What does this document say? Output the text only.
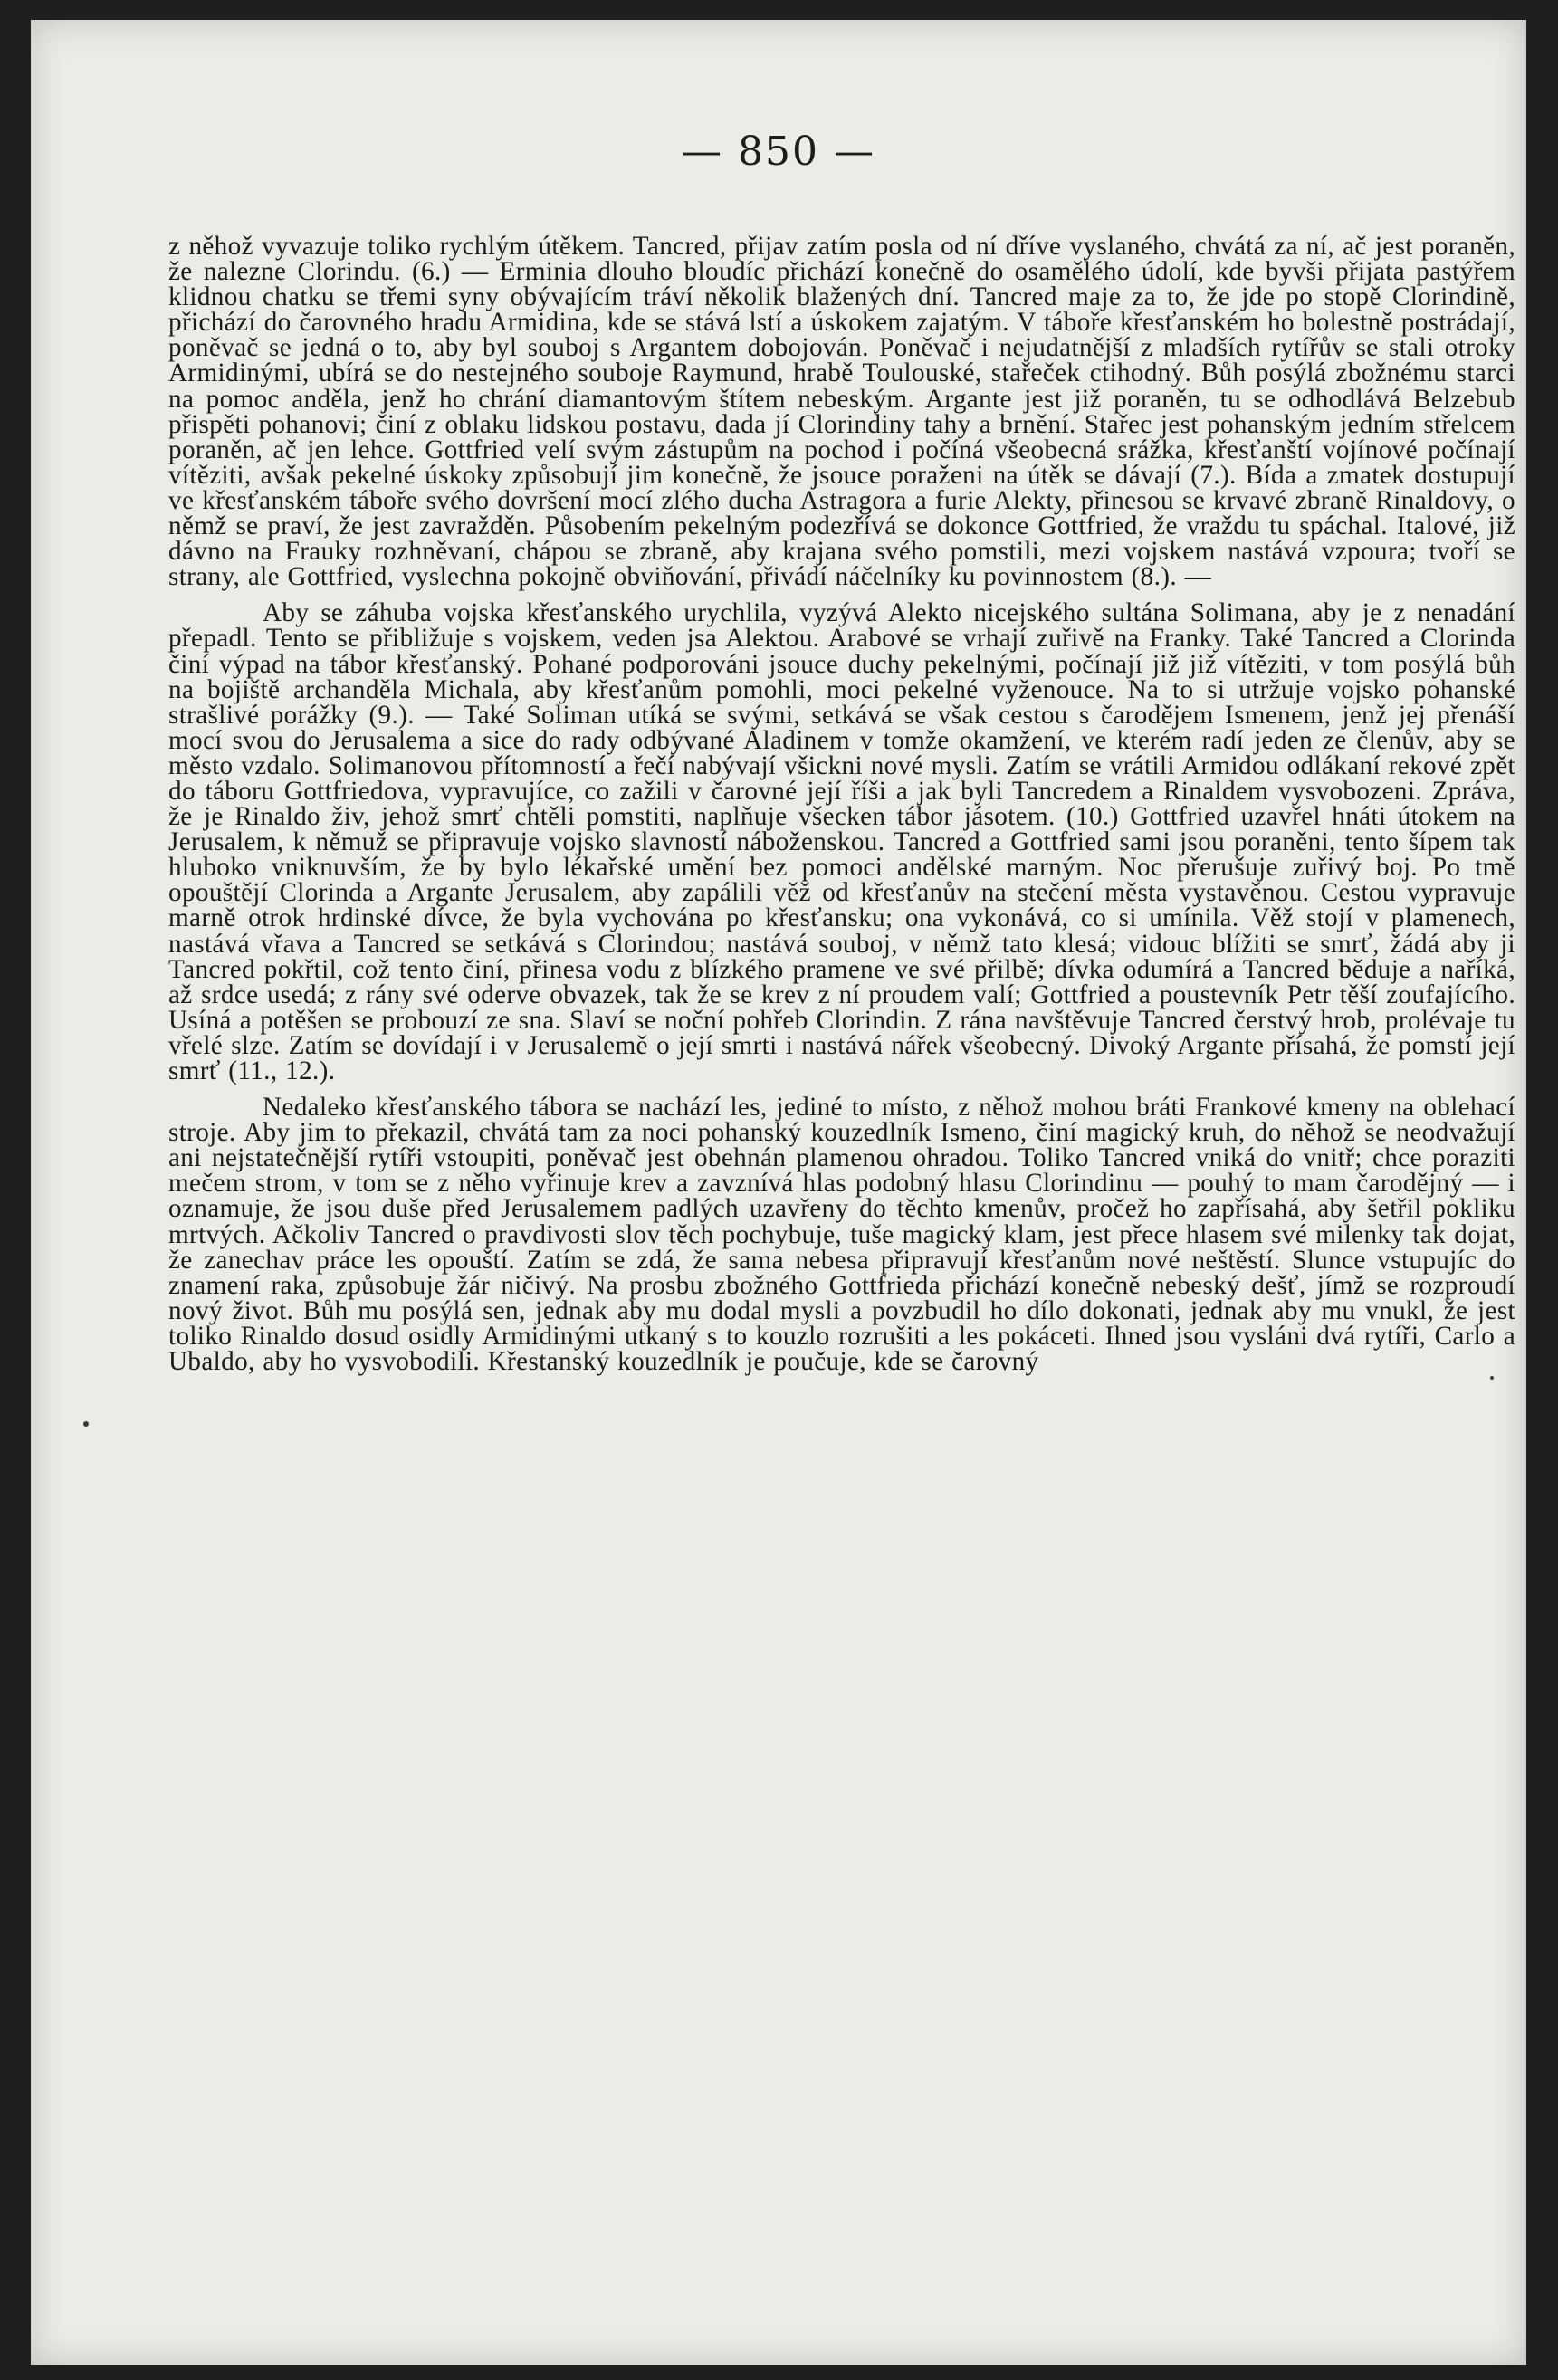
— 850 —

z něhož vyvazuje toliko rychlým útěkem. Tancred, přijav zatím posla od ní dříve vyslaného, chvátá za ní, ač jest poraněn, že nalezne Clorindu. (6.) — Erminia dlouho bloudíc přichází konečně do osamělého údolí, kde byvši přijata pastýřem klidnou chatku se třemi syny obývajícím tráví několik blažených dní. Tancred maje za to, že jde po stopě Clorindině, přichází do čarovného hradu Armidina, kde se stává lstí a úskokem zajatým. V táboře křesťanském ho bolestně postrádají, poněvač se jedná o to, aby byl souboj s Argantem dobojován. Poněvač i nejudatnější z mladších rytířův se stali otroky Armidinými, ubírá se do nestejného souboje Raymund, hrabě Toulouské, stařeček ctihodný. Bůh posýlá zbožnému starci na pomoc anděla, jenž ho chrání diamantovým štítem nebeským. Argante jest již poraněn, tu se odhodlává Belzebub přispěti pohanovi; činí z oblaku lidskou postavu, dada jí Clorindiny tahy a brnění. Stařec jest pohanským jedním střelcem poraněn, ač jen lehce. Gottfried velí svým zástupům na pochod i počíná všeobecná srážka, křesťanští vojínové počínají vítěziti, avšak pekelné úskoky způsobují jim konečně, že jsouce poraženi na útěk se dávají (7.). Bída a zmatek dostupují ve křesťanském táboře svého dovršení mocí zlého ducha Astragora a furie Alekty, přinesou se krvavé zbraně Rinaldovy, o němž se praví, že jest zavražděn. Působením pekelným podezřívá se dokonce Gottfried, že vraždu tu spáchal. Italové, již dávno na Frauky rozhněvaní, chápou se zbraně, aby krajana svého pomstili, mezi vojskem nastává vzpoura; tvoří se strany, ale Gottfried, vyslechna pokojně obviňování, přivádí náčelníky ku povinnostem (8.). —

Aby se záhuba vojska křesťanského urychlila, vyzývá Alekto nicejského sultána Solimana, aby je z nenadání přepadl. Tento se přibližuje s vojskem, veden jsa Alektou. Arabové se vrhají zuřivě na Franky. Také Tancred a Clorinda činí výpad na tábor křesťanský. Pohané podporováni jsouce duchy pekelnými, počínají již již vítěziti, v tom posýlá bůh na bojiště archanděla Michala, aby křesťanům pomohli, moci pekelné vyženouce. Na to si utržuje vojsko pohanské strašlivé porážky (9.). — Také Soliman utíká se svými, setkává se však cestou s čarodějem Ismenem, jenž jej přenáší mocí svou do Jerusalema a sice do rady odbývané Aladinem v tomže okamžení, ve kterém radí jeden ze členův, aby se město vzdalo. Solimanovou přítomností a řečí nabývají všickni nové mysli. Zatím se vrátili Armidou odlákaní rekové zpět do táboru Gottfriedova, vypravujíce, co zažili v čarovné její říši a jak byli Tancredem a Rinaldem vysvobozeni. Zpráva, že je Rinaldo živ, jehož smrť chtěli pomstiti, naplňuje všecken tábor jásotem. (10.) Gottfried uzavřel hnáti útokem na Jerusalem, k němuž se připravuje vojsko slavností náboženskou. Tancred a Gottfried sami jsou poraněni, tento šípem tak hluboko vniknuvším, že by bylo lékařské umění bez pomoci andělské marným. Noc přerušuje zuřivý boj. Po tmě opouštějí Clorinda a Argante Jerusalem, aby zapálili věž od křesťanův na stečení města vystavěnou. Cestou vypravuje marně otrok hrdinské dívce, že byla vychována po křesťansku; ona vykonává, co si umínila. Věž stojí v plamenech, nastává vřava a Tancred se setkává s Clorindou; nastává souboj, v němž tato klesá; vidouc blížiti se smrť, žádá aby ji Tancred pokřtil, což tento činí, přinesa vodu z blízkého pramene ve své přilbě; dívka odumírá a Tancred běduje a naříká, až srdce usedá; z rány své oderve obvazek, tak že se krev z ní proudem valí; Gottfried a poustevník Petr těší zoufajícího. Usíná a potěšen se probouzí ze sna. Slaví se noční pohřeb Clorindin. Z rána navštěvuje Tancred čerstvý hrob, prolévaje tu vřelé slze. Zatím se dovídají i v Jerusalemě o její smrti i nastává nářek všeobecný. Divoký Argante přísahá, že pomstí její smrť (11., 12.).

Nedaleko křesťanského tábora se nachází les, jediné to místo, z něhož mohou bráti Frankové kmeny na oblehací stroje. Aby jim to překazil, chvátá tam za noci pohanský kouzedlník Ismeno, činí magický kruh, do něhož se neodvažují ani nejstatečnější rytíři vstoupiti, poněvač jest obehnán plamenou ohradou. Toliko Tancred vniká do vnitř; chce poraziti mečem strom, v tom se z něho vyřinuje krev a zavznívá hlas podobný hlasu Clorindinu — pouhý to mam čarodějný — i oznamuje, že jsou duše před Jerusalemem padlých uzavřeny do těchto kmenův, pročež ho zapřísahá, aby šetřil pokliku mrtvých. Ačkoliv Tancred o pravdivosti slov těch pochybuje, tuše magický klam, jest přece hlasem své milenky tak dojat, že zanechav práce les opouští. Zatím se zdá, že sama nebesa připravují křesťanům nové neštěstí. Slunce vstupujíc do znamení raka, způsobuje žár ničivý. Na prosbu zbožného Gottfrieda přichází konečně nebeský dešť, jímž se rozproudí nový život. Bůh mu posýlá sen, jednak aby mu dodal mysli a povzbudil ho dílo dokonati, jednak aby mu vnukl, že jest toliko Rinaldo dosud osidly Armidinými utkaný s to kouzlo rozrušiti a les pokáceti. Ihned jsou vysláni dvá rytíři, Carlo a Ubaldo, aby ho vysvobodili. Křestanský kouzedlník je poučuje, kde se čarovný
